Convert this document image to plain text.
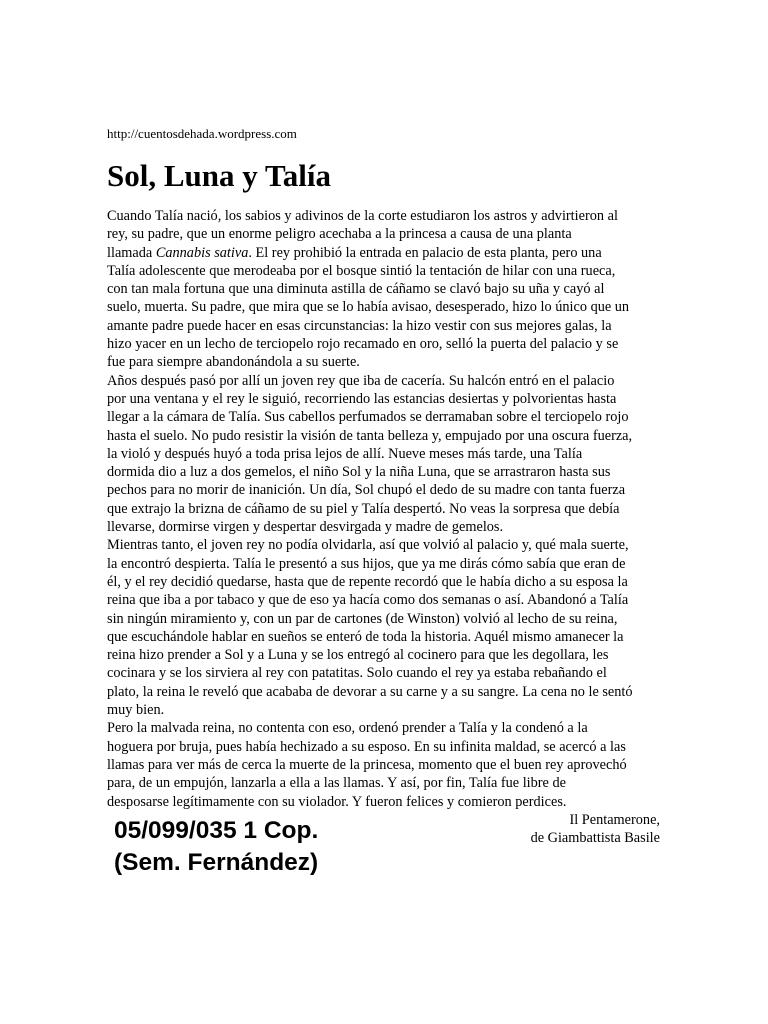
http://cuentosdehada.wordpress.com
Sol, Luna y Talía
Cuando Talía nació, los sabios y adivinos de la corte estudiaron los astros y advirtieron al
rey, su padre, que un enorme peligro acechaba a la princesa a causa de una planta
llamada Cannabis sativa. El rey prohibió la entrada en palacio de esta planta, pero una
Talía adolescente que merodeaba por el bosque sintió la tentación de hilar con una rueca,
con tan mala fortuna que una diminuta astilla de cáñamo se clavó bajo su uña y cayó al
suelo, muerta. Su padre, que mira que se lo había avisao, desesperado, hizo lo único que un
amante padre puede hacer en esas circunstancias: la hizo vestir con sus mejores galas, la
hizo yacer en un lecho de terciopelo rojo recamado en oro, selló la puerta del palacio y se
fue para siempre abandonándola a su suerte.
Años después pasó por allí un joven rey que iba de cacería. Su halcón entró en el palacio
por una ventana y el rey le siguió, recorriendo las estancias desiertas y polvorientas hasta
llegar a la cámara de Talía. Sus cabellos perfumados se derramaban sobre el terciopelo rojo
hasta el suelo. No pudo resistir la visión de tanta belleza y, empujado por una oscura fuerza,
la violó y después huyó a toda prisa lejos de allí. Nueve meses más tarde, una Talía
dormida dio a luz a dos gemelos, el niño Sol y la niña Luna, que se arrastraron hasta sus
pechos para no morir de inanición. Un día, Sol chupó el dedo de su madre con tanta fuerza
que extrajo la brizna de cáñamo de su piel y Talía despertó. No veas la sorpresa que debía
llevarse, dormirse virgen y despertar desvirgada y madre de gemelos.
Mientras tanto, el joven rey no podía olvidarla, así que volvió al palacio y, qué mala suerte,
la encontró despierta. Talía le presentó a sus hijos, que ya me dirás cómo sabía que eran de
él, y el rey decidió quedarse, hasta que de repente recordó que le había dicho a su esposa la
reina que iba a por tabaco y que de eso ya hacía como dos semanas o así. Abandonó a Talía
sin ningún miramiento y, con un par de cartones (de Winston) volvió al lecho de su reina,
que escuchándole hablar en sueños se enteró de toda la historia. Aquél mismo amanecer la
reina hizo prender a Sol y a Luna y se los entregó al cocinero para que les degollara, les
cocinara y se los sirviera al rey con patatitas. Solo cuando el rey ya estaba rebañando el
plato, la reina le reveló que acababa de devorar a su carne y a su sangre. La cena no le sentó
muy bien.
Pero la malvada reina, no contenta con eso, ordenó prender a Talía y la condenó a la
hoguera por bruja, pues había hechizado a su esposo. En su infinita maldad, se acercó a las
llamas para ver más de cerca la muerte de la princesa, momento que el buen rey aprovechó
para, de un empujón, lanzarla a ella a las llamas. Y así, por fin, Talía fue libre de
desposarse legítimamente con su violador. Y fueron felices y comieron perdices.
Il Pentamerone,
de Giambattista Basile
05/099/035 1 Cop.
(Sem. Fernández)
